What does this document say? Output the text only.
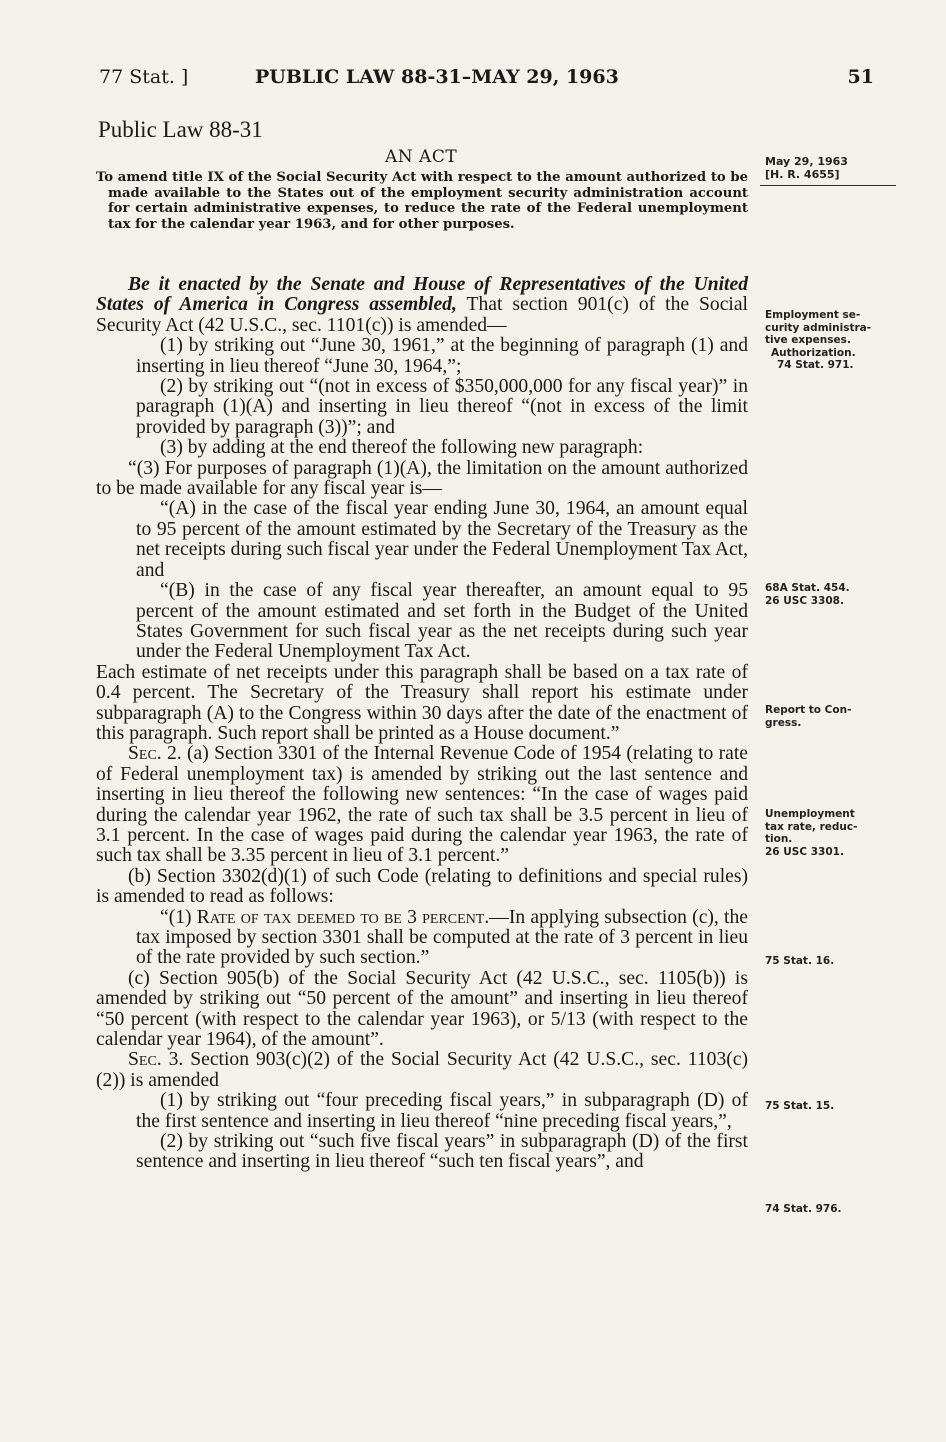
77 Stat. ]	PUBLIC LAW 88-31–MAY 29, 1963	51
Public Law 88-31
AN ACT
To amend title IX of the Social Security Act with respect to the amount authorized to be made available to the States out of the employment security administration account for certain administrative expenses, to reduce the rate of the Federal unemployment tax for the calendar year 1963, and for other purposes.
May 29, 1963
[H. R. 4655]
Employment se-
curity administra-
tive expenses.
Authorization.
74 Stat. 971.
68A Stat. 454.
26 USC 3308.
Report to Con-
gress.
Unemployment
tax rate, reduc-
tion.
26 USC 3301.
75 Stat. 16.
75 Stat. 15.
74 Stat. 976.

Be it enacted by the Senate and House of Representatives of the United States of America in Congress assembled, That section 901(c) of the Social Security Act (42 U.S.C., sec. 1101(c)) is amended—

(1) by striking out “June 30, 1961,” at the beginning of paragraph (1) and inserting in lieu thereof “June 30, 1964,”;

(2) by striking out “(not in excess of $350,000,000 for any fiscal year)” in paragraph (1)(A) and inserting in lieu thereof “(not in excess of the limit provided by paragraph (3))”; and

(3) by adding at the end thereof the following new paragraph:

“(3) For purposes of paragraph (1)(A), the limitation on the amount authorized to be made available for any fiscal year is—

“(A) in the case of the fiscal year ending June 30, 1964, an amount equal to 95 percent of the amount estimated by the Secretary of the Treasury as the net receipts during such fiscal year under the Federal Unemployment Tax Act, and

“(B) in the case of any fiscal year thereafter, an amount equal to 95 percent of the amount estimated and set forth in the Budget of the United States Government for such fiscal year as the net receipts during such year under the Federal Unemployment Tax Act.

Each estimate of net receipts under this paragraph shall be based on a tax rate of 0.4 percent. The Secretary of the Treasury shall report his estimate under subparagraph (A) to the Congress within 30 days after the date of the enactment of this paragraph. Such report shall be printed as a House document.”

Sec. 2. (a) Section 3301 of the Internal Revenue Code of 1954 (relating to rate of Federal unemployment tax) is amended by striking out the last sentence and inserting in lieu thereof the following new sentences: “In the case of wages paid during the calendar year 1962, the rate of such tax shall be 3.5 percent in lieu of 3.1 percent. In the case of wages paid during the calendar year 1963, the rate of such tax shall be 3.35 percent in lieu of 3.1 percent.”

(b) Section 3302(d)(1) of such Code (relating to definitions and special rules) is amended to read as follows:

“(1) Rate of tax deemed to be 3 percent.—In applying subsection (c), the tax imposed by section 3301 shall be computed at the rate of 3 percent in lieu of the rate provided by such section.”

(c) Section 905(b) of the Social Security Act (42 U.S.C., sec. 1105(b)) is amended by striking out “50 percent of the amount” and inserting in lieu thereof “50 percent (with respect to the calendar year 1963), or 5/13 (with respect to the calendar year 1964), of the amount”.

Sec. 3. Section 903(c)(2) of the Social Security Act (42 U.S.C., sec. 1103(c)(2)) is amended

(1) by striking out “four preceding fiscal years,” in subparagraph (D) of the first sentence and inserting in lieu thereof “nine preceding fiscal years,”,

(2) by striking out “such five fiscal years” in subparagraph (D) of the first sentence and inserting in lieu thereof “such ten fiscal years”, and
